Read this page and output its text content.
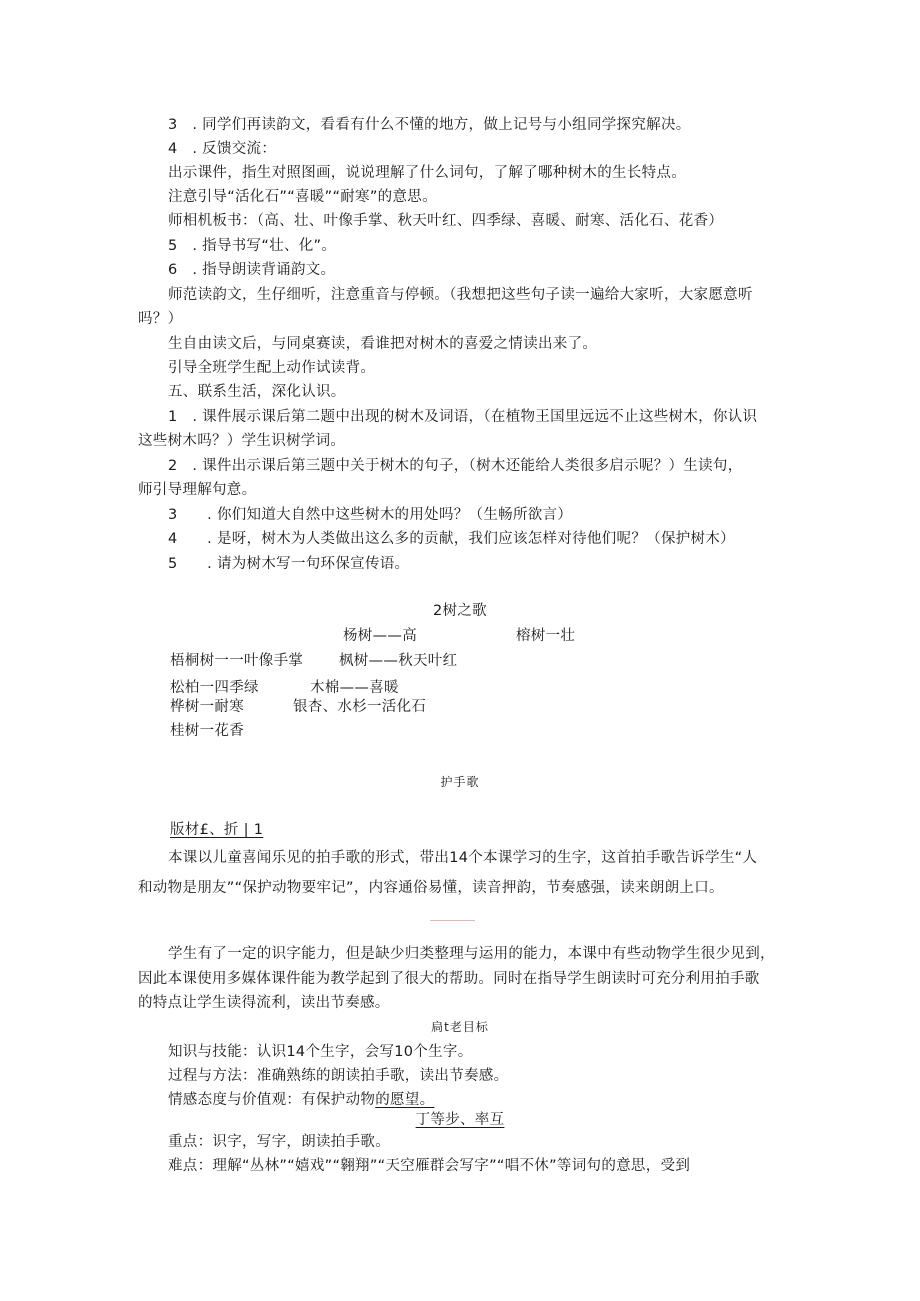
3　. 同学们再读韵文，看看有什么不懂的地方，做上记号与小组同学探究解决。
4　. 反馈交流：
出示课件，指生对照图画，说说理解了什么词句，了解了哪种树木的生长特点。
注意引导“活化石”“喜暖”“耐寒”的意思。
师相机板书：（高、壮、叶像手掌、秋天叶红、四季绿、喜暖、耐寒、活化石、花香）
5　. 指导书写“壮、化”。
6　. 指导朗读背诵韵文。
师范读韵文，生仔细听，注意重音与停顿。（我想把这些句子读一遍给大家听，大家愿意听
吗？）
生自由读文后，与同桌赛读，看谁把对树木的喜爱之情读出来了。
引导全班学生配上动作试读背。
五、联系生活，深化认识。
1　. 课件展示课后第二题中出现的树木及词语，（在植物王国里远远不止这些树木，你认识
这些树木吗？）学生识树学词。
2　. 课件出示课后第三题中关于树木的句子，（树木还能给人类很多启示呢？）生读句，
师引导理解句意。
3　　. 你们知道大自然中这些树木的用处吗？（生畅所欲言）
4　　. 是呀，树木为人类做出这么多的贡献，我们应该怎样对待他们呢？（保护树木）
5　　. 请为树木写一句环保宣传语。
2树之歌
杨树——高	榕树一壮
梧桐树一一叶像手掌 枫树——秋天叶红
松柏一四季绿	木棉——喜暖
桦树一耐寒	银杏、水杉一活化石
桂树一花香
护手歌
版材£、折 | 1
本课以儿童喜闻乐见的拍手歌的形式，带出14个本课学习的生字，这首拍手歌告诉学生“人
和动物是朋友”“保护动物要牢记”，内容通俗易懂，读音押韵，节奏感强，读来朗朗上口。
学生有了一定的识字能力，但是缺少归类整理与运用的能力，本课中有些动物学生很少见到，
因此本课使用多媒体课件能为教学起到了很大的帮助。同时在指导学生朗读时可充分利用拍手歌
的特点让学生读得流利，读出节奏感。
扃t老目标
知识与技能：认识14个生字，会写10个生字。
过程与方法：准确熟练的朗读拍手歌，读出节奏感。
情感态度与价值观：有保护动物的愿望。
丁等步、率互
重点：识字，写字，朗读拍手歌。
难点：理解“丛林”“嬉戏”“翱翔”“天空雁群会写字”“唱不休”等词句的意思，受到
